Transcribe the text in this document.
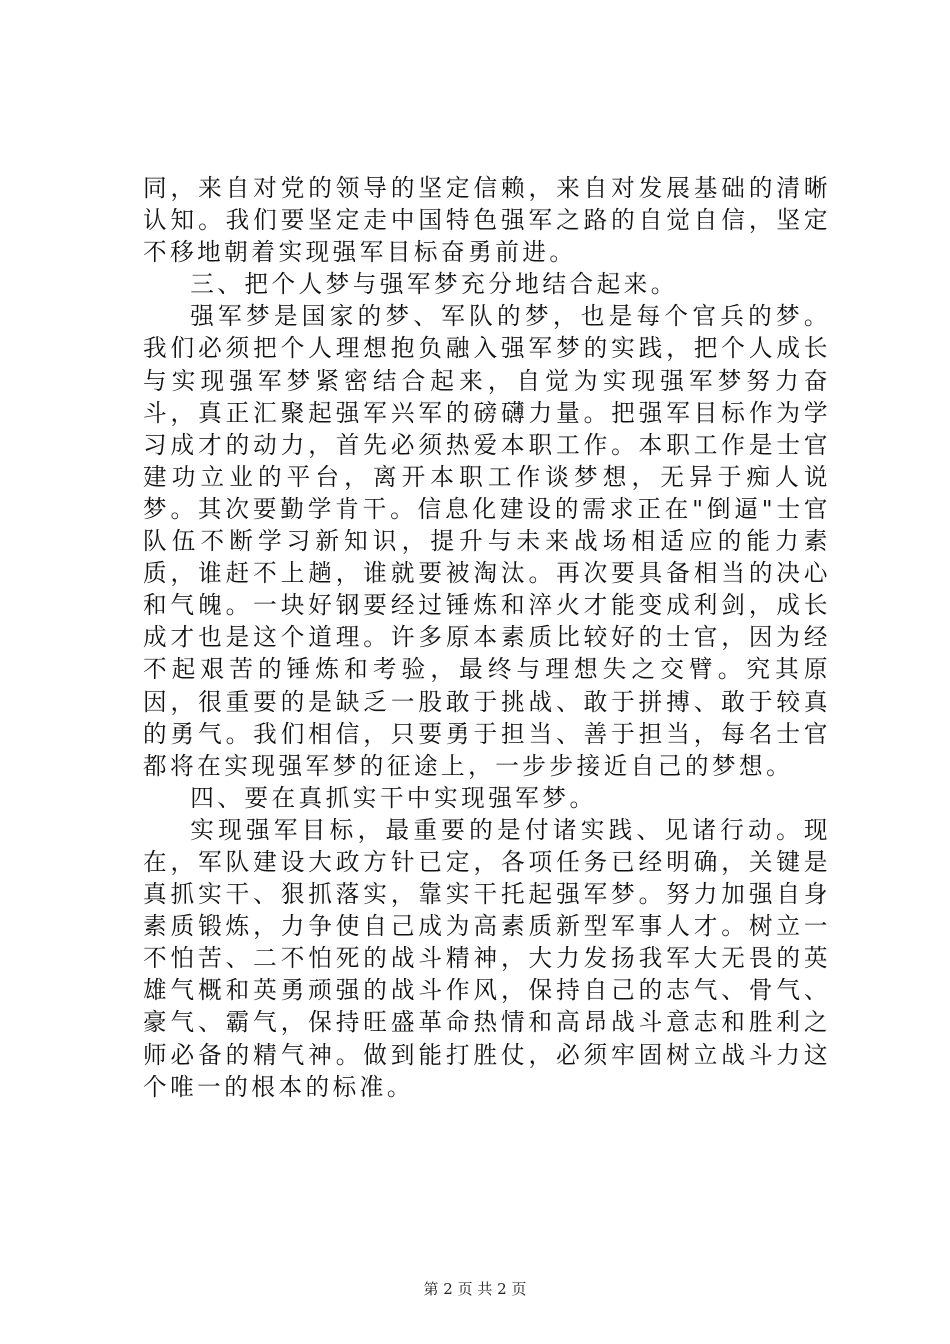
同，来自对党的领导的坚定信赖，来自对发展基础的清晰认知。我们要坚定走中国特色强军之路的自觉自信，坚定不移地朝着实现强军目标奋勇前进。

三、把个人梦与强军梦充分地结合起来。

强军梦是国家的梦、军队的梦，也是每个官兵的梦。我们必须把个人理想抱负融入强军梦的实践，把个人成长与实现强军梦紧密结合起来，自觉为实现强军梦努力奋斗，真正汇聚起强军兴军的磅礴力量。把强军目标作为学习成才的动力，首先必须热爱本职工作。本职工作是士官建功立业的平台，离开本职工作谈梦想，无异于痴人说梦。其次要勤学肯干。信息化建设的需求正在"倒逼"士官队伍不断学习新知识，提升与未来战场相适应的能力素质，谁赶不上趟，谁就要被淘汰。再次要具备相当的决心和气魄。一块好钢要经过锤炼和淬火才能变成利剑，成长成才也是这个道理。许多原本素质比较好的士官，因为经不起艰苦的锤炼和考验，最终与理想失之交臂。究其原因，很重要的是缺乏一股敢于挑战、敢于拼搏、敢于较真的勇气。我们相信，只要勇于担当、善于担当，每名士官都将在实现强军梦的征途上，一步步接近自己的梦想。

四、要在真抓实干中实现强军梦。

实现强军目标，最重要的是付诸实践、见诸行动。现在，军队建设大政方针已定，各项任务已经明确，关键是真抓实干、狠抓落实，靠实干托起强军梦。努力加强自身素质锻炼，力争使自己成为高素质新型军事人才。树立一不怕苦、二不怕死的战斗精神，大力发扬我军大无畏的英雄气概和英勇顽强的战斗作风，保持自己的志气、骨气、豪气、霸气，保持旺盛革命热情和高昂战斗意志和胜利之师必备的精气神。做到能打胜仗，必须牢固树立战斗力这个唯一的根本的标准。

第 2 页 共 2 页
